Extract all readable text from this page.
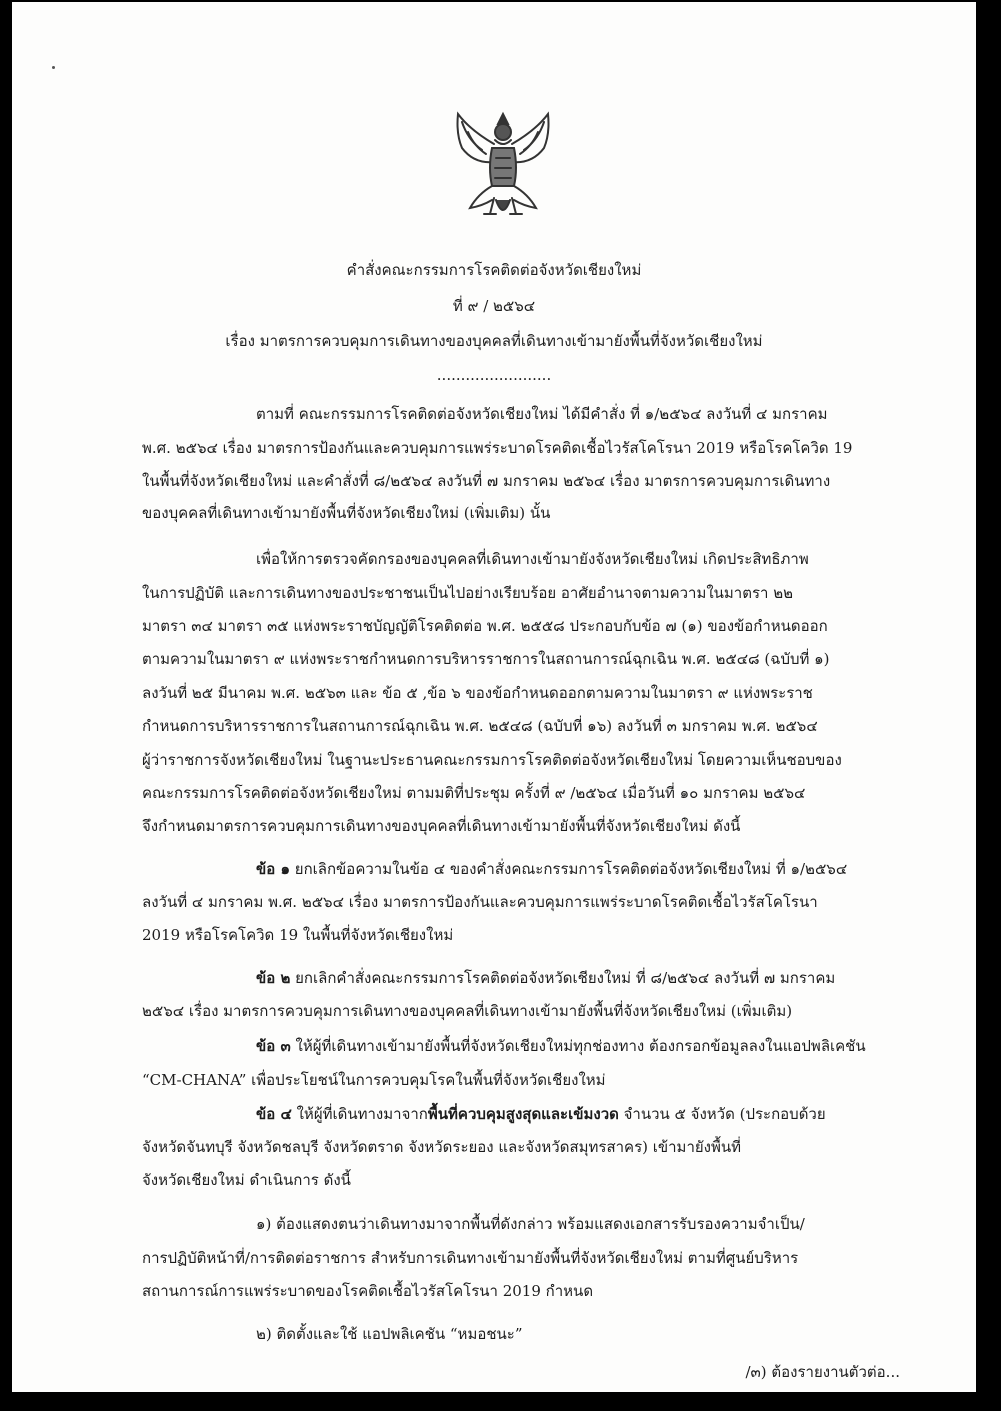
คำสั่งคณะกรรมการโรคติดต่อจังหวัดเชียงใหม่
ที่ ๙ / ๒๕๖๔
เรื่อง มาตรการควบคุมการเดินทางของบุคคลที่เดินทางเข้ามายังพื้นที่จังหวัดเชียงใหม่
........................
ตามที่ คณะกรรมการโรคติดต่อจังหวัดเชียงใหม่ ได้มีคำสั่ง ที่ ๑/๒๕๖๔ ลงวันที่ ๔ มกราคม
พ.ศ. ๒๕๖๔ เรื่อง มาตรการป้องกันและควบคุมการแพร่ระบาดโรคติดเชื้อไวรัสโคโรนา 2019 หรือโรคโควิด 19
ในพื้นที่จังหวัดเชียงใหม่ และคำสั่งที่ ๘/๒๕๖๔ ลงวันที่ ๗ มกราคม ๒๕๖๔ เรื่อง มาตรการควบคุมการเดินทาง
ของบุคคลที่เดินทางเข้ามายังพื้นที่จังหวัดเชียงใหม่ (เพิ่มเติม) นั้น
เพื่อให้การตรวจคัดกรองของบุคคลที่เดินทางเข้ามายังจังหวัดเชียงใหม่ เกิดประสิทธิภาพ
ในการปฏิบัติ และการเดินทางของประชาชนเป็นไปอย่างเรียบร้อย อาศัยอำนาจตามความในมาตรา ๒๒
มาตรา ๓๔ มาตรา ๓๕ แห่งพระราชบัญญัติโรคติดต่อ พ.ศ. ๒๕๕๘ ประกอบกับข้อ ๗ (๑) ของข้อกำหนดออก
ตามความในมาตรา ๙ แห่งพระราชกำหนดการบริหารราชการในสถานการณ์ฉุกเฉิน พ.ศ. ๒๕๔๘ (ฉบับที่ ๑)
ลงวันที่ ๒๕ มีนาคม พ.ศ. ๒๕๖๓ และ ข้อ ๕ ,ข้อ ๖ ของข้อกำหนดออกตามความในมาตรา ๙ แห่งพระราช
กำหนดการบริหารราชการในสถานการณ์ฉุกเฉิน พ.ศ. ๒๕๔๘ (ฉบับที่ ๑๖) ลงวันที่ ๓ มกราคม พ.ศ. ๒๕๖๔
ผู้ว่าราชการจังหวัดเชียงใหม่ ในฐานะประธานคณะกรรมการโรคติดต่อจังหวัดเชียงใหม่ โดยความเห็นชอบของ
คณะกรรมการโรคติดต่อจังหวัดเชียงใหม่ ตามมติที่ประชุม ครั้งที่ ๙ /๒๕๖๔ เมื่อวันที่ ๑๐ มกราคม ๒๕๖๔
จึงกำหนดมาตรการควบคุมการเดินทางของบุคคลที่เดินทางเข้ามายังพื้นที่จังหวัดเชียงใหม่ ดังนี้
ข้อ ๑ ยกเลิกข้อความในข้อ ๔ ของคำสั่งคณะกรรมการโรคติดต่อจังหวัดเชียงใหม่ ที่ ๑/๒๕๖๔
ลงวันที่ ๔ มกราคม พ.ศ. ๒๕๖๔ เรื่อง มาตรการป้องกันและควบคุมการแพร่ระบาดโรคติดเชื้อไวรัสโคโรนา
2019 หรือโรคโควิด 19 ในพื้นที่จังหวัดเชียงใหม่
ข้อ ๒ ยกเลิกคำสั่งคณะกรรมการโรคติดต่อจังหวัดเชียงใหม่ ที่ ๘/๒๕๖๔ ลงวันที่ ๗ มกราคม
๒๕๖๔ เรื่อง มาตรการควบคุมการเดินทางของบุคคลที่เดินทางเข้ามายังพื้นที่จังหวัดเชียงใหม่ (เพิ่มเติม)
ข้อ ๓ ให้ผู้ที่เดินทางเข้ามายังพื้นที่จังหวัดเชียงใหม่ทุกช่องทาง ต้องกรอกข้อมูลลงในแอปพลิเคชัน
“CM-CHANA” เพื่อประโยชน์ในการควบคุมโรคในพื้นที่จังหวัดเชียงใหม่
ข้อ ๔ ให้ผู้ที่เดินทางมาจากพื้นที่ควบคุมสูงสุดและเข้มงวด จำนวน ๕ จังหวัด (ประกอบด้วย
จังหวัดจันทบุรี จังหวัดชลบุรี จังหวัดตราด จังหวัดระยอง และจังหวัดสมุทรสาคร) เข้ามายังพื้นที่
จังหวัดเชียงใหม่ ดำเนินการ ดังนี้
๑) ต้องแสดงตนว่าเดินทางมาจากพื้นที่ดังกล่าว พร้อมแสดงเอกสารรับรองความจำเป็น/
การปฏิบัติหน้าที่/การติดต่อราชการ สำหรับการเดินทางเข้ามายังพื้นที่จังหวัดเชียงใหม่ ตามที่ศูนย์บริหาร
สถานการณ์การแพร่ระบาดของโรคติดเชื้อไวรัสโคโรนา 2019 กำหนด
๒) ติดตั้งและใช้ แอปพลิเคชัน “หมอชนะ”
/๓) ต้องรายงานตัวต่อ...
